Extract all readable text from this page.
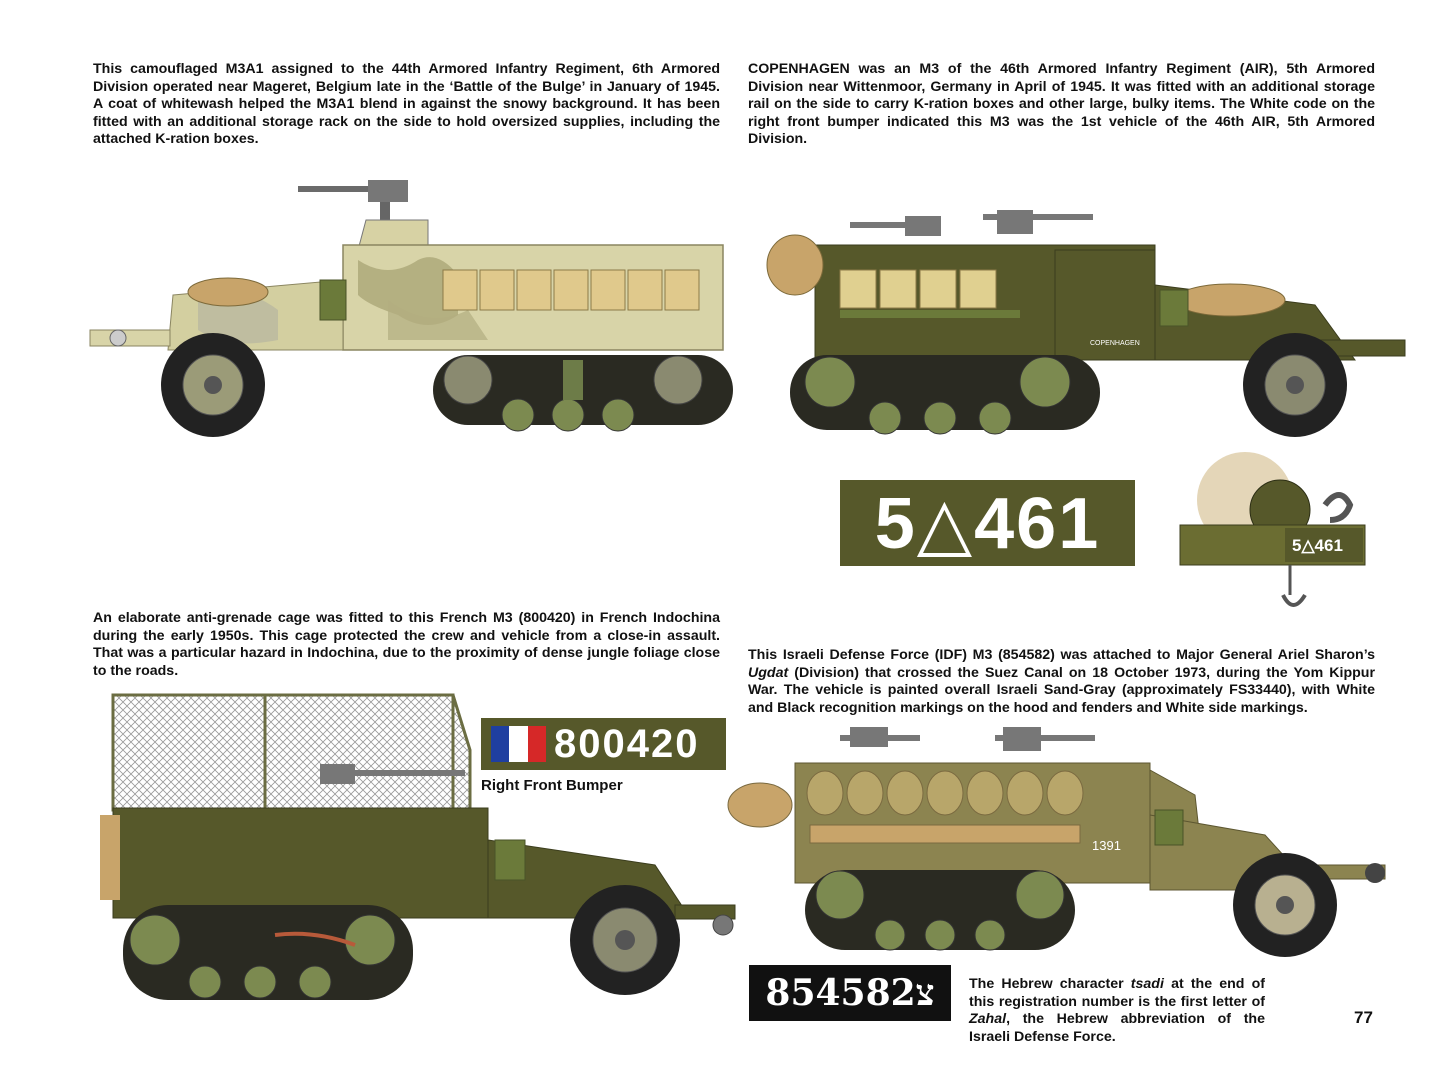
This camouflaged M3A1 assigned to the 44th Armored Infantry Regiment, 6th Armored Division operated near Mageret, Belgium late in the ‘Battle of the Bulge’ in January of 1945. A coat of whitewash helped the M3A1 blend in against the snowy background. It has been fitted with an additional storage rack on the side to hold oversized supplies, including the attached K-ration boxes.

COPENHAGEN was an M3 of the 46th Armored Infantry Regiment (AIR), 5th Armored Division near Wittenmoor, Germany in April of 1945. It was fitted with an additional storage rail on the side to carry K-ration boxes and other large, bulky items. The White code on the right front bumper indicated this M3 was the 1st vehicle of the 46th AIR, 5th Armored Division.

An elaborate anti-grenade cage was fitted to this French M3 (800420) in French Indochina during the early 1950s. This cage protected the crew and vehicle from a close-in assault. That was a particular hazard in Indochina, due to the proximity of dense jungle foliage close to the roads.

This Israeli Defense Force (IDF) M3 (854582) was attached to Major General Ariel Sharon’s Ugdat (Division) that crossed the Suez Canal on 18 October 1973, during the Yom Kippur War. The vehicle is painted overall Israeli Sand-Gray (approximately FS33440), with White and Black recognition markings on the hood and fenders and White side markings.

The Hebrew character tsadi at the end of this registration number is the first letter of Zahal, the Hebrew abbreviation of the Israeli Defense Force.

COPENHAGEN
5△461	5△461
800420
Right Front Bumper
1391
854582צ
77
